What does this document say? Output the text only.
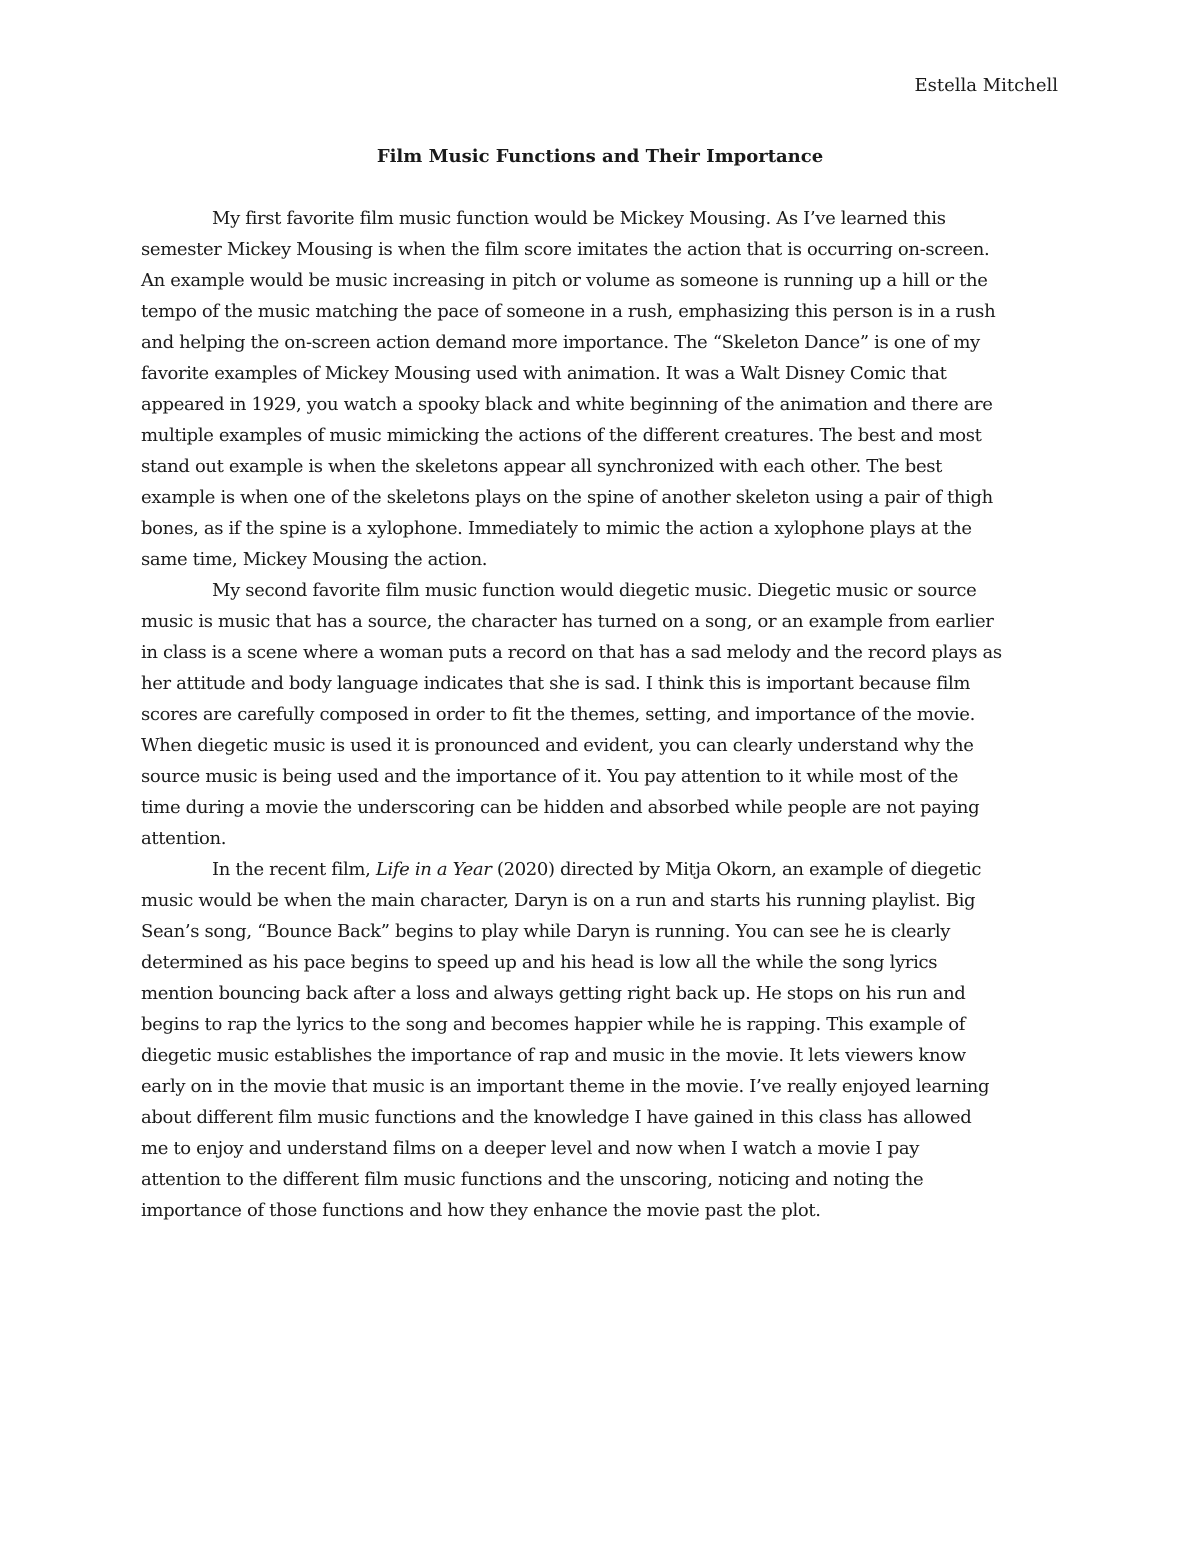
Estella Mitchell
Film Music Functions and Their Importance
My first favorite film music function would be Mickey Mousing. As I’ve learned this
semester Mickey Mousing is when the film score imitates the action that is occurring on-screen.
An example would be music increasing in pitch or volume as someone is running up a hill or the
tempo of the music matching the pace of someone in a rush, emphasizing this person is in a rush
and helping the on-screen action demand more importance. The “Skeleton Dance” is one of my
favorite examples of Mickey Mousing used with animation. It was a Walt Disney Comic that
appeared in 1929, you watch a spooky black and white beginning of the animation and there are
multiple examples of music mimicking the actions of the different creatures. The best and most
stand out example is when the skeletons appear all synchronized with each other. The best
example is when one of the skeletons plays on the spine of another skeleton using a pair of thigh
bones, as if the spine is a xylophone. Immediately to mimic the action a xylophone plays at the
same time, Mickey Mousing the action.
My second favorite film music function would diegetic music. Diegetic music or source
music is music that has a source, the character has turned on a song, or an example from earlier
in class is a scene where a woman puts a record on that has a sad melody and the record plays as
her attitude and body language indicates that she is sad. I think this is important because film
scores are carefully composed in order to fit the themes, setting, and importance of the movie.
When diegetic music is used it is pronounced and evident, you can clearly understand why the
source music is being used and the importance of it. You pay attention to it while most of the
time during a movie the underscoring can be hidden and absorbed while people are not paying
attention.
In the recent film, Life in a Year (2020) directed by Mitja Okorn, an example of diegetic
music would be when the main character, Daryn is on a run and starts his running playlist. Big
Sean’s song, “Bounce Back” begins to play while Daryn is running. You can see he is clearly
determined as his pace begins to speed up and his head is low all the while the song lyrics
mention bouncing back after a loss and always getting right back up. He stops on his run and
begins to rap the lyrics to the song and becomes happier while he is rapping. This example of
diegetic music establishes the importance of rap and music in the movie. It lets viewers know
early on in the movie that music is an important theme in the movie. I’ve really enjoyed learning
about different film music functions and the knowledge I have gained in this class has allowed
me to enjoy and understand films on a deeper level and now when I watch a movie I pay
attention to the different film music functions and the unscoring, noticing and noting the
importance of those functions and how they enhance the movie past the plot.
